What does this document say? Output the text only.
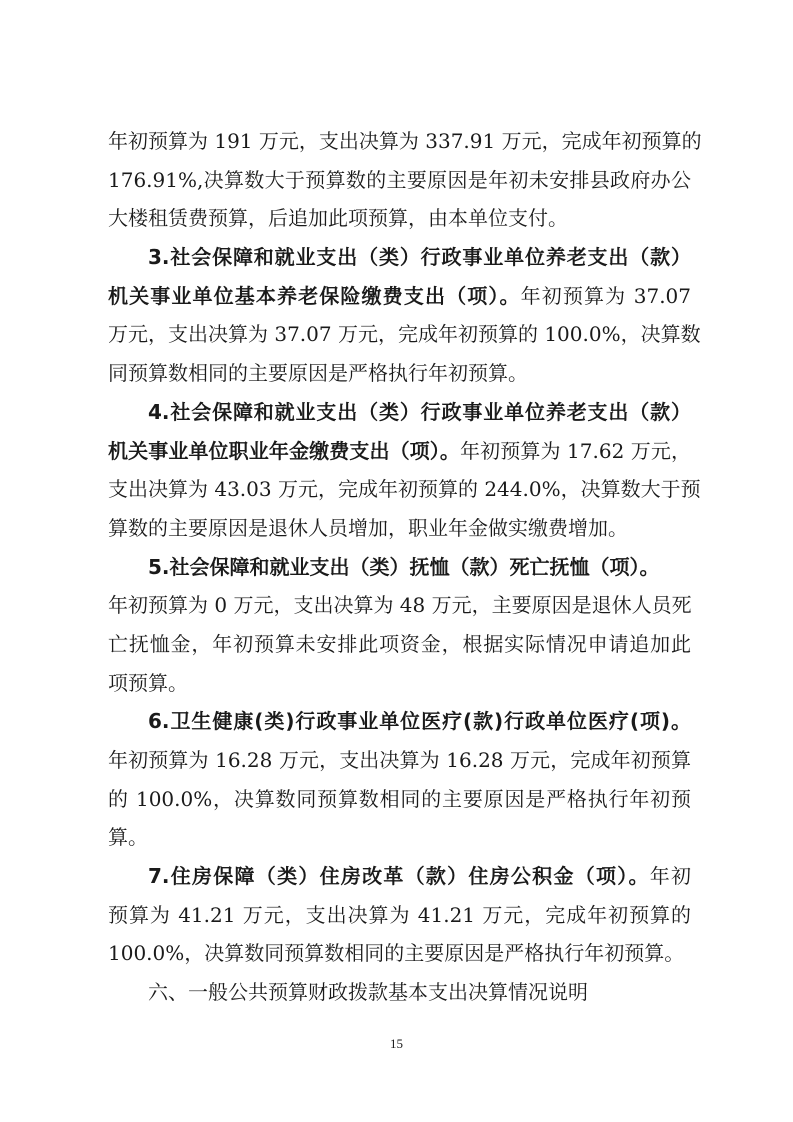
年初预算为 191 万元，支出决算为 337.91 万元，完成年初预算的
176.91%,决算数大于预算数的主要原因是年初未安排县政府办公
大楼租赁费预算，后追加此项预算，由本单位支付。
3.社会保障和就业支出（类）行政事业单位养老支出（款）
机关事业单位基本养老保险缴费支出（项）。年初预算为 37.07
万元，支出决算为 37.07 万元，完成年初预算的 100.0%，决算数
同预算数相同的主要原因是严格执行年初预算。
4.社会保障和就业支出（类）行政事业单位养老支出（款）
机关事业单位职业年金缴费支出（项）。年初预算为 17.62 万元，
支出决算为 43.03 万元，完成年初预算的 244.0%，决算数大于预
算数的主要原因是退休人员增加，职业年金做实缴费增加。
5.社会保障和就业支出（类）抚恤（款）死亡抚恤（项）。
年初预算为 0 万元，支出决算为 48 万元，主要原因是退休人员死
亡抚恤金，年初预算未安排此项资金，根据实际情况申请追加此
项预算。
6.卫生健康(类)行政事业单位医疗(款)行政单位医疗(项)。
年初预算为 16.28 万元，支出决算为 16.28 万元，完成年初预算
的 100.0%，决算数同预算数相同的主要原因是严格执行年初预
算。
7.住房保障（类）住房改革（款）住房公积金（项）。年初
预算为 41.21 万元，支出决算为 41.21 万元，完成年初预算的
100.0%，决算数同预算数相同的主要原因是严格执行年初预算。
六、一般公共预算财政拨款基本支出决算情况说明
15
